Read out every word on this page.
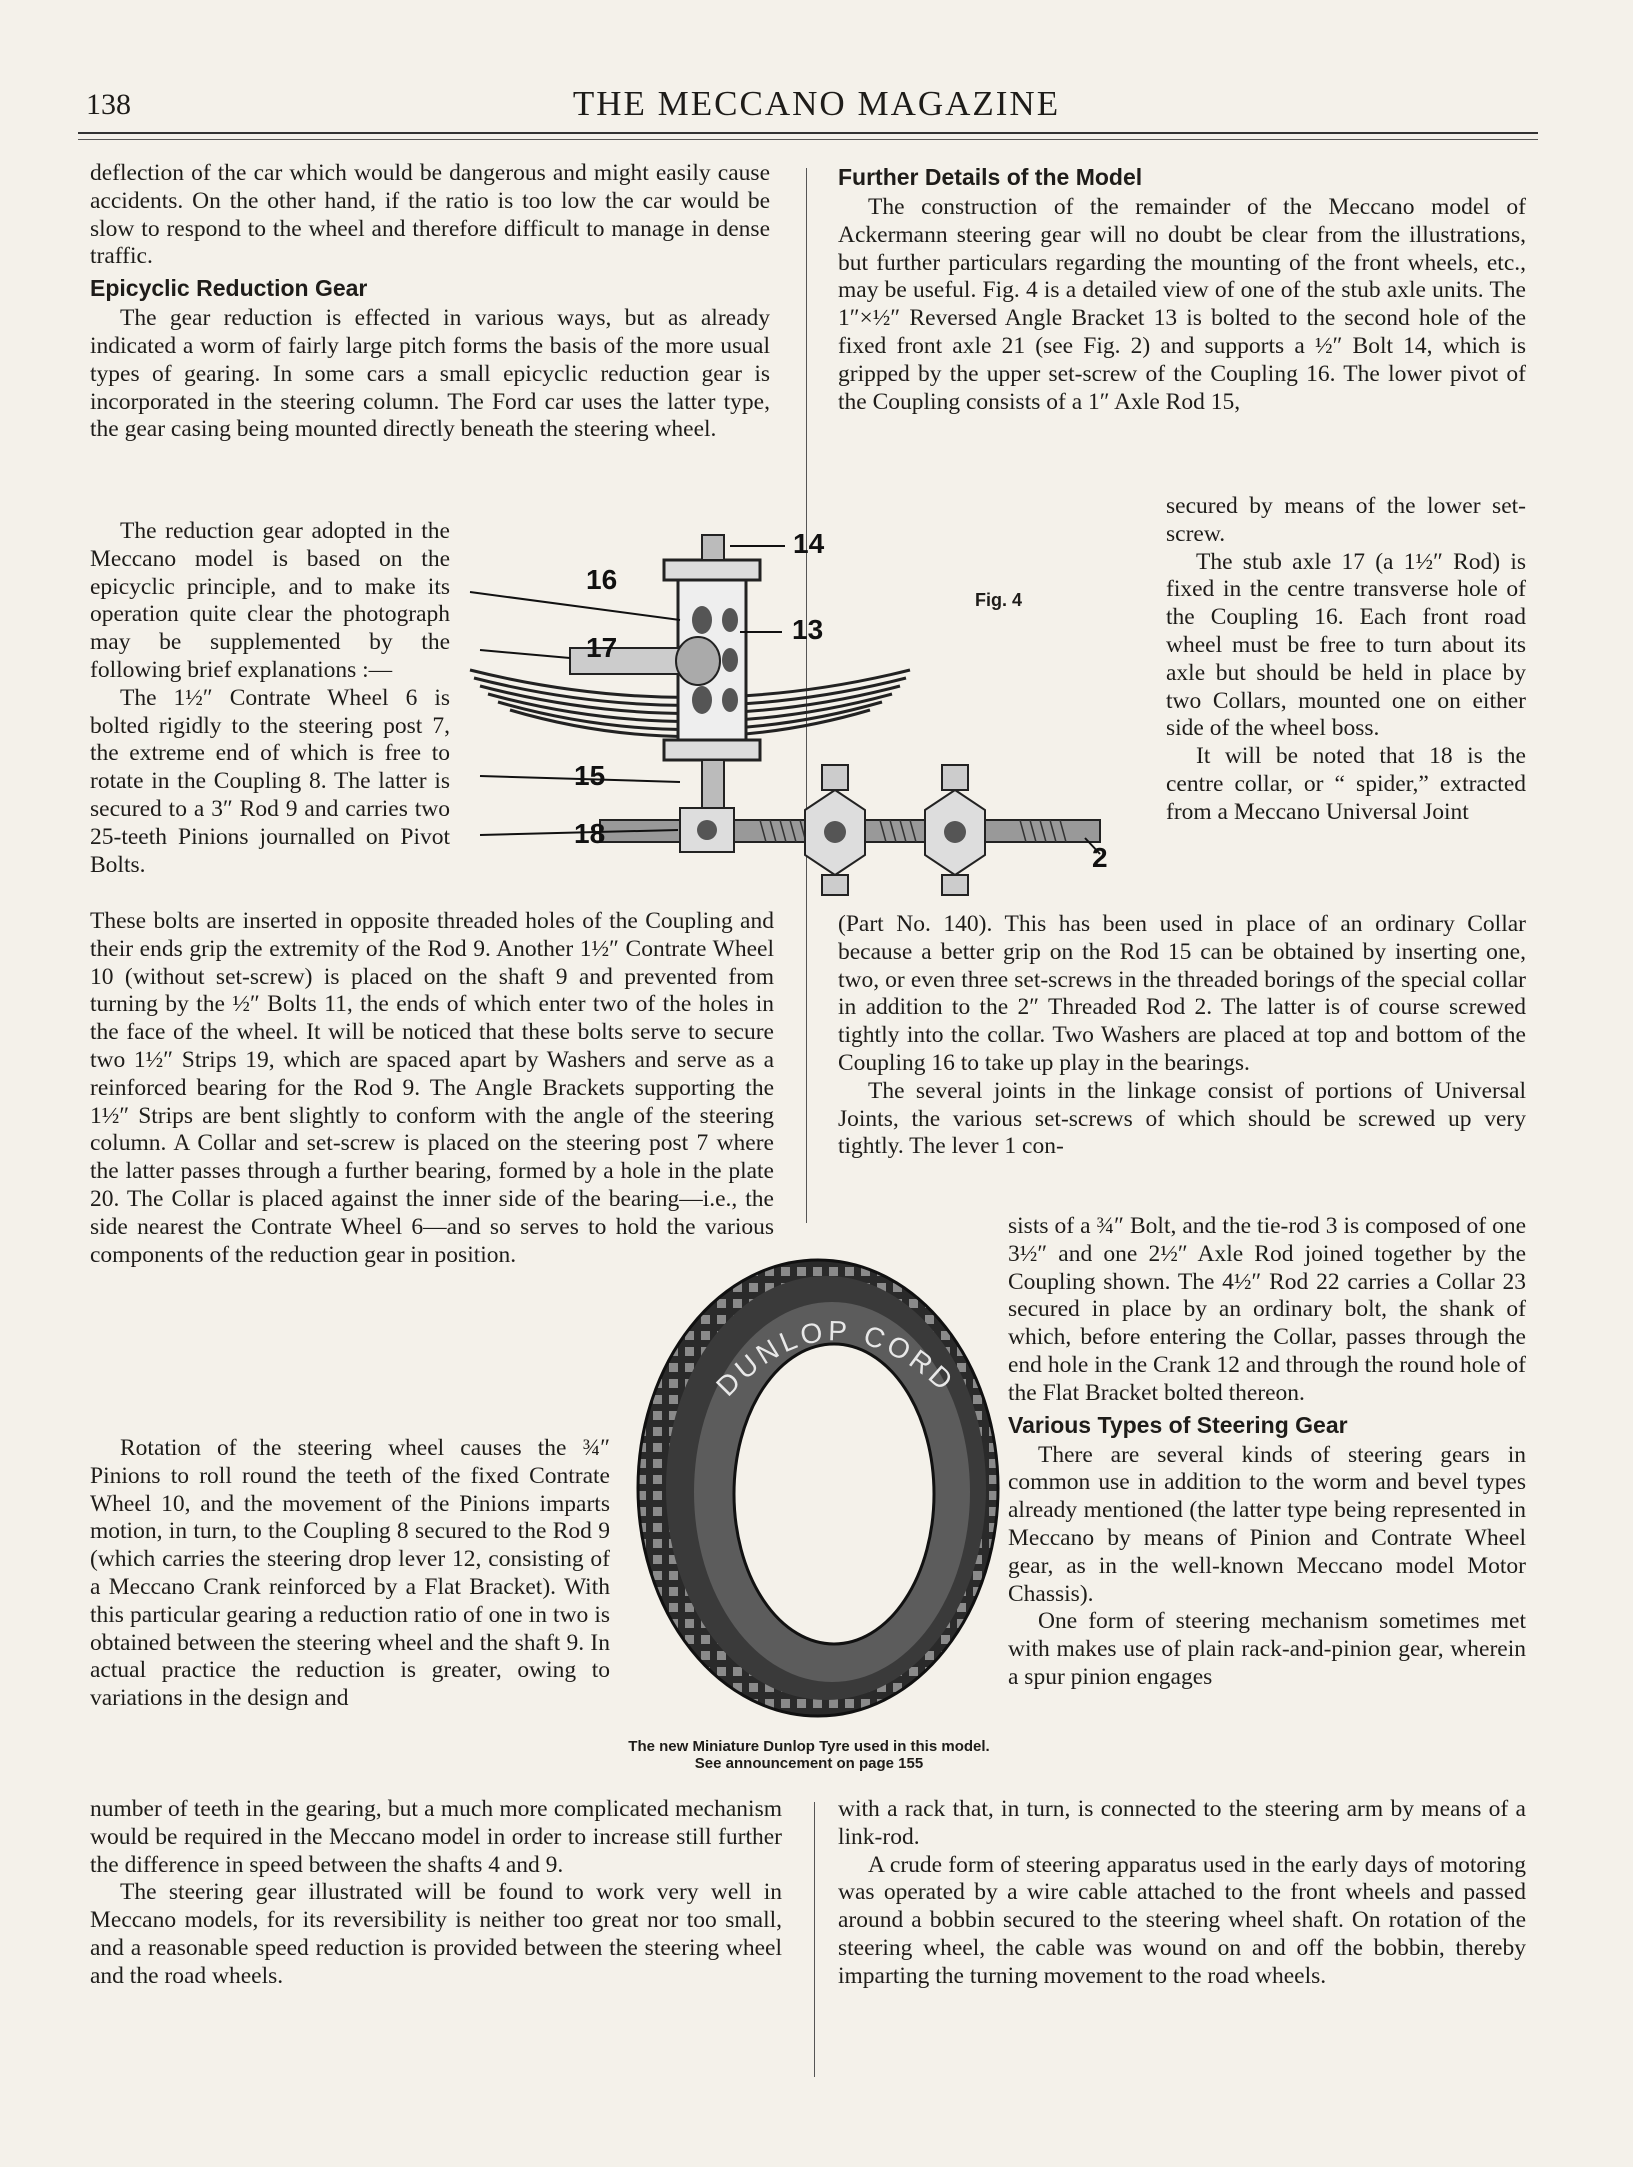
138	THE MECCANO MAGAZINE

deflection of the car which would be dangerous and might easily cause accidents. On the other hand, if the ratio is too low the car would be slow to respond to the wheel and therefore difficult to manage in dense traffic.

Epicyclic Reduction Gear

The gear reduction is effected in various ways, but as already indicated a worm of fairly large pitch forms the basis of the more usual types of gearing. In some cars a small epicyclic reduction gear is incorporated in the steering column. The Ford car uses the latter type, the gear casing being mounted directly beneath the steering wheel.

The reduction gear adopted in the Meccano model is based on the epicyclic principle, and to make its operation quite clear the photograph may be supplemented by the following brief explanations :—

The 1½″ Contrate Wheel 6 is bolted rigidly to the steering post 7, the extreme end of which is free to rotate in the Coupling 8. The latter is secured to a 3″ Rod 9 and carries two 25-teeth Pinions journalled on Pivot Bolts.

These bolts are inserted in opposite threaded holes of the Coupling and their ends grip the extremity of the Rod 9. Another 1½″ Contrate Wheel 10 (without set-screw) is placed on the shaft 9 and prevented from turning by the ½″ Bolts 11, the ends of which enter two of the holes in the face of the wheel. It will be noticed that these bolts serve to secure two 1½″ Strips 19, which are spaced apart by Washers and serve as a reinforced bearing for the Rod 9. The Angle Brackets supporting the 1½″ Strips are bent slightly to conform with the angle of the steering column. A Collar and set-screw is placed on the steering post 7 where the latter passes through a further bearing, formed by a hole in the plate 20. The Collar is placed against the inner side of the bearing—i.e., the side nearest the Contrate Wheel 6—and so serves to hold the various components of the reduction gear in position.

Rotation of the steering wheel causes the ¾″ Pinions to roll round the teeth of the fixed Contrate Wheel 10, and the movement of the Pinions imparts motion, in turn, to the Coupling 8 secured to the Rod 9 (which carries the steering drop lever 12, consisting of a Meccano Crank reinforced by a Flat Bracket). With this particular gearing a reduction ratio of one in two is obtained between the steering wheel and the shaft 9. In actual practice the reduction is greater, owing to variations in the design and

number of teeth in the gearing, but a much more complicated mechanism would be required in the Meccano model in order to increase still further the difference in speed between the shafts 4 and 9.

The steering gear illustrated will be found to work very well in Meccano models, for its reversibility is neither too great nor too small, and a reasonable speed reduction is provided between the steering wheel and the road wheels.

Further Details of the Model

The construction of the remainder of the Meccano model of Ackermann steering gear will no doubt be clear from the illustrations, but further particulars regarding the mounting of the front wheels, etc., may be useful. Fig. 4 is a detailed view of one of the stub axle units. The 1″×½″ Reversed Angle Bracket 13 is bolted to the second hole of the fixed front axle 21 (see Fig. 2) and supports a ½″ Bolt 14, which is gripped by the upper set-screw of the Coupling 16. The lower pivot of the Coupling consists of a 1″ Axle Rod 15,

secured by means of the lower set-screw.

The stub axle 17 (a 1½″ Rod) is fixed in the centre transverse hole of the Coupling 16. Each front road wheel must be free to turn about its axle but should be held in place by two Collars, mounted one on either side of the wheel boss.

It will be noted that 18 is the centre collar, or “ spider,” extracted from a Meccano Universal Joint

(Part No. 140). This has been used in place of an ordinary Collar because a better grip on the Rod 15 can be obtained by inserting one, two, or even three set-screws in the threaded borings of the special collar in addition to the 2″ Threaded Rod 2. The latter is of course screwed tightly into the collar. Two Washers are placed at top and bottom of the Coupling 16 to take up play in the bearings.

The several joints in the linkage consist of portions of Universal Joints, the various set-screws of which should be screwed up very tightly. The lever 1 con-

sists of a ¾″ Bolt, and the tie-rod 3 is composed of one 3½″ and one 2½″ Axle Rod joined together by the Coupling shown. The 4½″ Rod 22 carries a Collar 23 secured in place by an ordinary bolt, the shank of which, before entering the Collar, passes through the end hole in the Crank 12 and through the round hole of the Flat Bracket bolted thereon.

Various Types of Steering Gear

There are several kinds of steering gears in common use in addition to the worm and bevel types already mentioned (the latter type being represented in Meccano by means of Pinion and Contrate Wheel gear, as in the well-known Meccano model Motor Chassis).

One form of steering mechanism sometimes met with makes use of plain rack-and-pinion gear, wherein a spur pinion engages

with a rack that, in turn, is connected to the steering arm by means of a link-rod.

A crude form of steering apparatus used in the early days of motoring was operated by a wire cable attached to the front wheels and passed around a bobbin secured to the steering wheel shaft. On rotation of the steering wheel, the cable was wound on and off the bobbin, thereby imparting the turning movement to the road wheels.

14
16
13
17
15
18
2
Fig. 4
DUNLOP CORD
The new Miniature Dunlop Tyre used in this model. See announcement on page 155
